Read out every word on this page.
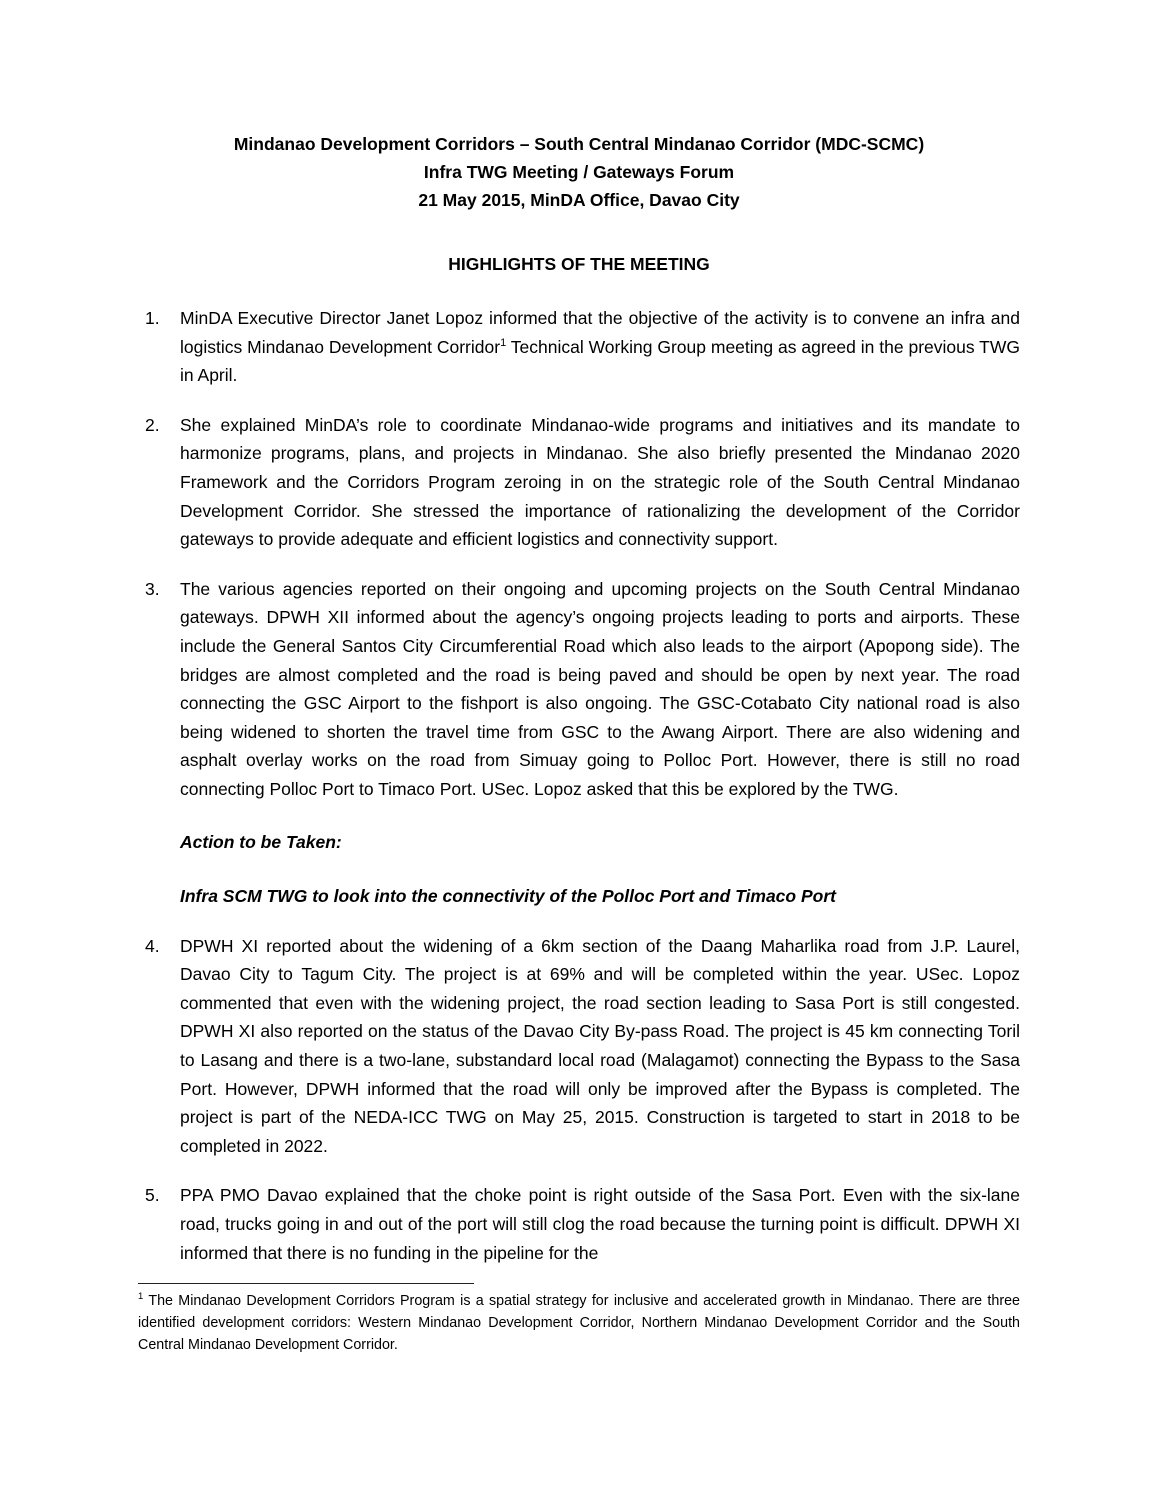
Mindanao Development Corridors – South Central Mindanao Corridor (MDC-SCMC)
Infra TWG Meeting / Gateways Forum
21 May 2015, MinDA Office, Davao City
HIGHLIGHTS OF THE MEETING
1.	MinDA Executive Director Janet Lopoz informed that the objective of the activity is to convene an infra and logistics Mindanao Development Corridor$^1$ Technical Working Group meeting as agreed in the previous TWG in April.
2.	She explained MinDA’s role to coordinate Mindanao-wide programs and initiatives and its mandate to harmonize programs, plans, and projects in Mindanao. She also briefly presented the Mindanao 2020 Framework and the Corridors Program zeroing in on the strategic role of the South Central Mindanao Development Corridor. She stressed the importance of rationalizing the development of the Corridor gateways to provide adequate and efficient logistics and connectivity support.
3.	The various agencies reported on their ongoing and upcoming projects on the South Central Mindanao gateways. DPWH XII informed about the agency’s ongoing projects leading to ports and airports. These include the General Santos City Circumferential Road which also leads to the airport (Apopong side). The bridges are almost completed and the road is being paved and should be open by next year. The road connecting the GSC Airport to the fishport is also ongoing. The GSC-Cotabato City national road is also being widened to shorten the travel time from GSC to the Awang Airport. There are also widening and asphalt overlay works on the road from Simuay going to Polloc Port. However, there is still no road connecting Polloc Port to Timaco Port. USec. Lopoz asked that this be explored by the TWG.
Action to be Taken:
Infra SCM TWG to look into the connectivity of the Polloc Port and Timaco Port
4.	DPWH XI reported about the widening of a 6km section of the Daang Maharlika road from J.P. Laurel, Davao City to Tagum City. The project is at 69% and will be completed within the year. USec. Lopoz commented that even with the widening project, the road section leading to Sasa Port is still congested. DPWH XI also reported on the status of the Davao City By-pass Road. The project is 45 km connecting Toril to Lasang and there is a two-lane, substandard local road (Malagamot) connecting the Bypass to the Sasa Port. However, DPWH informed that the road will only be improved after the Bypass is completed. The project is part of the NEDA-ICC TWG on May 25, 2015. Construction is targeted to start in 2018 to be completed in 2022.
5.	PPA PMO Davao explained that the choke point is right outside of the Sasa Port. Even with the six-lane road, trucks going in and out of the port will still clog the road because the turning point is difficult. DPWH XI informed that there is no funding in the pipeline for the
$^1$ The Mindanao Development Corridors Program is a spatial strategy for inclusive and accelerated growth in Mindanao. There are three identified development corridors: Western Mindanao Development Corridor, Northern Mindanao Development Corridor and the South Central Mindanao Development Corridor.
